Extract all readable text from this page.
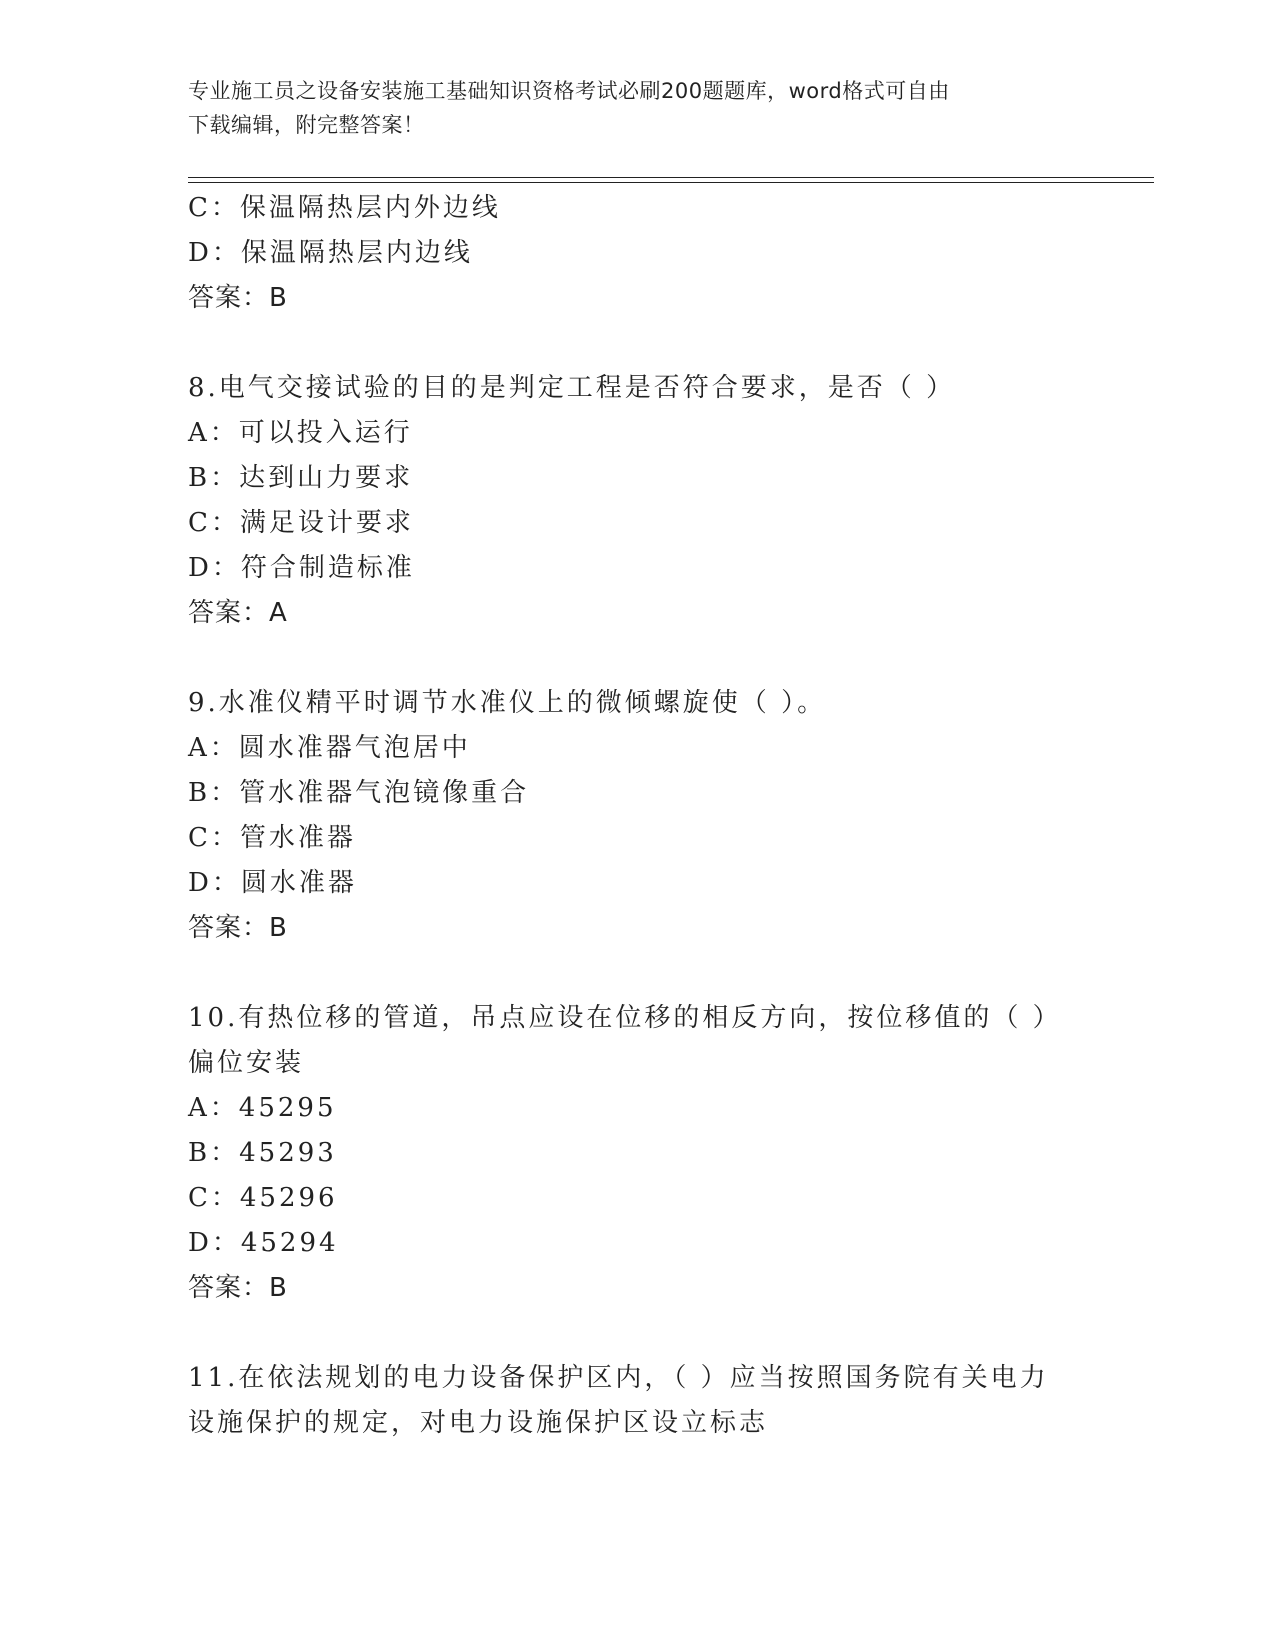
专业施工员之设备安装施工基础知识资格考试必刷200题题库，word格式可自由
下载编辑，附完整答案！
C：保温隔热层内外边线
D：保温隔热层内边线
答案：B
8.电气交接试验的目的是判定工程是否符合要求，是否（ ）
A：可以投入运行
B：达到山力要求
C：满足设计要求
D：符合制造标准
答案：A
9.水准仪精平时调节水准仪上的微倾螺旋使（ ）。
A：圆水准器气泡居中
B：管水准器气泡镜像重合
C：管水准器
D：圆水准器
答案：B
10.有热位移的管道，吊点应设在位移的相反方向，按位移值的（ ）
偏位安装
A：45295
B：45293
C：45296
D：45294
答案：B
11.在依法规划的电力设备保护区内，（ ）应当按照国务院有关电力
设施保护的规定，对电力设施保护区设立标志
